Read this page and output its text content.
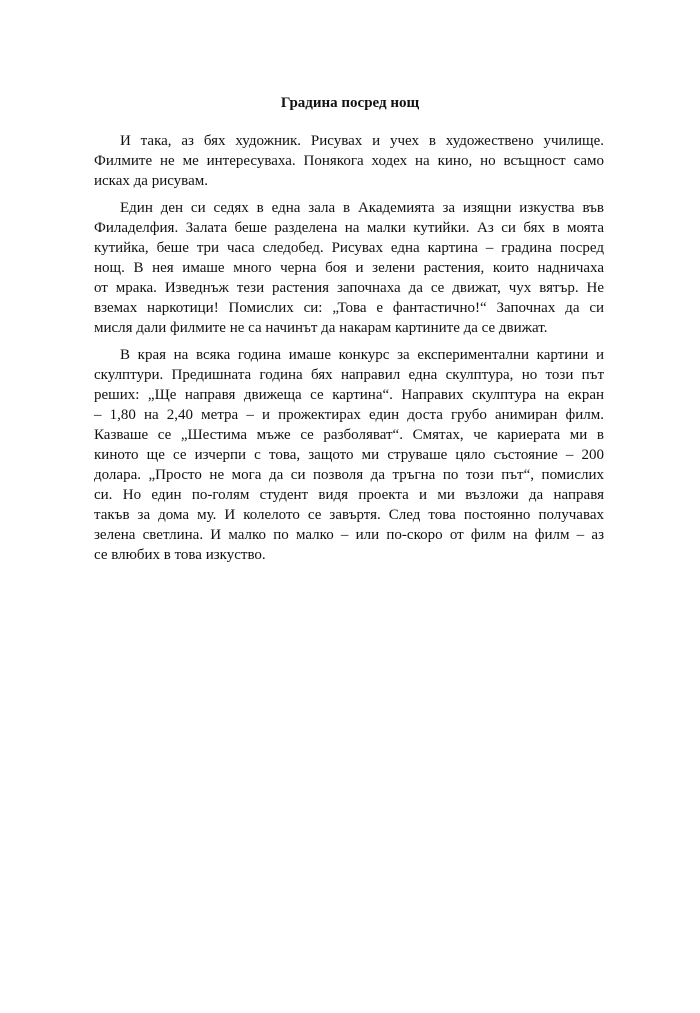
Градина посред нощ

И така, аз бях художник. Рисувах и учех в художествено училище.
Филмите не ме интересуваха. Понякога ходех на кино, но всъщност само
исках да рисувам.

Един ден си седях в една зала в Академията за изящни изкуства във
Филаделфия. Залата беше разделена на малки кутийки. Аз си бях в моята
кутийка, беше три часа следобед. Рисувах една картина – градина посред
нощ. В нея имаше много черна боя и зелени растения, които надничаха
от мрака. Изведнъж тези растения започнаха да се движат, чух вятър. Не
вземах наркотици! Помислих си: „Това е фантастично!“ Започнах да си
мисля дали филмите не са начинът да накарам картините да се движат.

В края на всяка година имаше конкурс за експериментални картини и
скулптури. Предишната година бях направил една скулптура, но този път
реших: „Ще направя движеща се картина“. Направих скулптура на екран
– 1,80 на 2,40 метра – и прожектирах един доста грубо анимиран филм.
Казваше се „Шестима мъже се разболяват“. Смятах, че кариерата ми в
киното ще се изчерпи с това, защото ми струваше цяло състояние – 200
долара. „Просто не мога да си позволя да тръгна по този път“, помислих
си. Но един по-голям студент видя проекта и ми възложи да направя
такъв за дома му. И колелото се завъртя. След това постоянно получавах
зелена светлина. И малко по малко – или по-скоро от филм на филм – аз
се влюбих в това изкуство.
